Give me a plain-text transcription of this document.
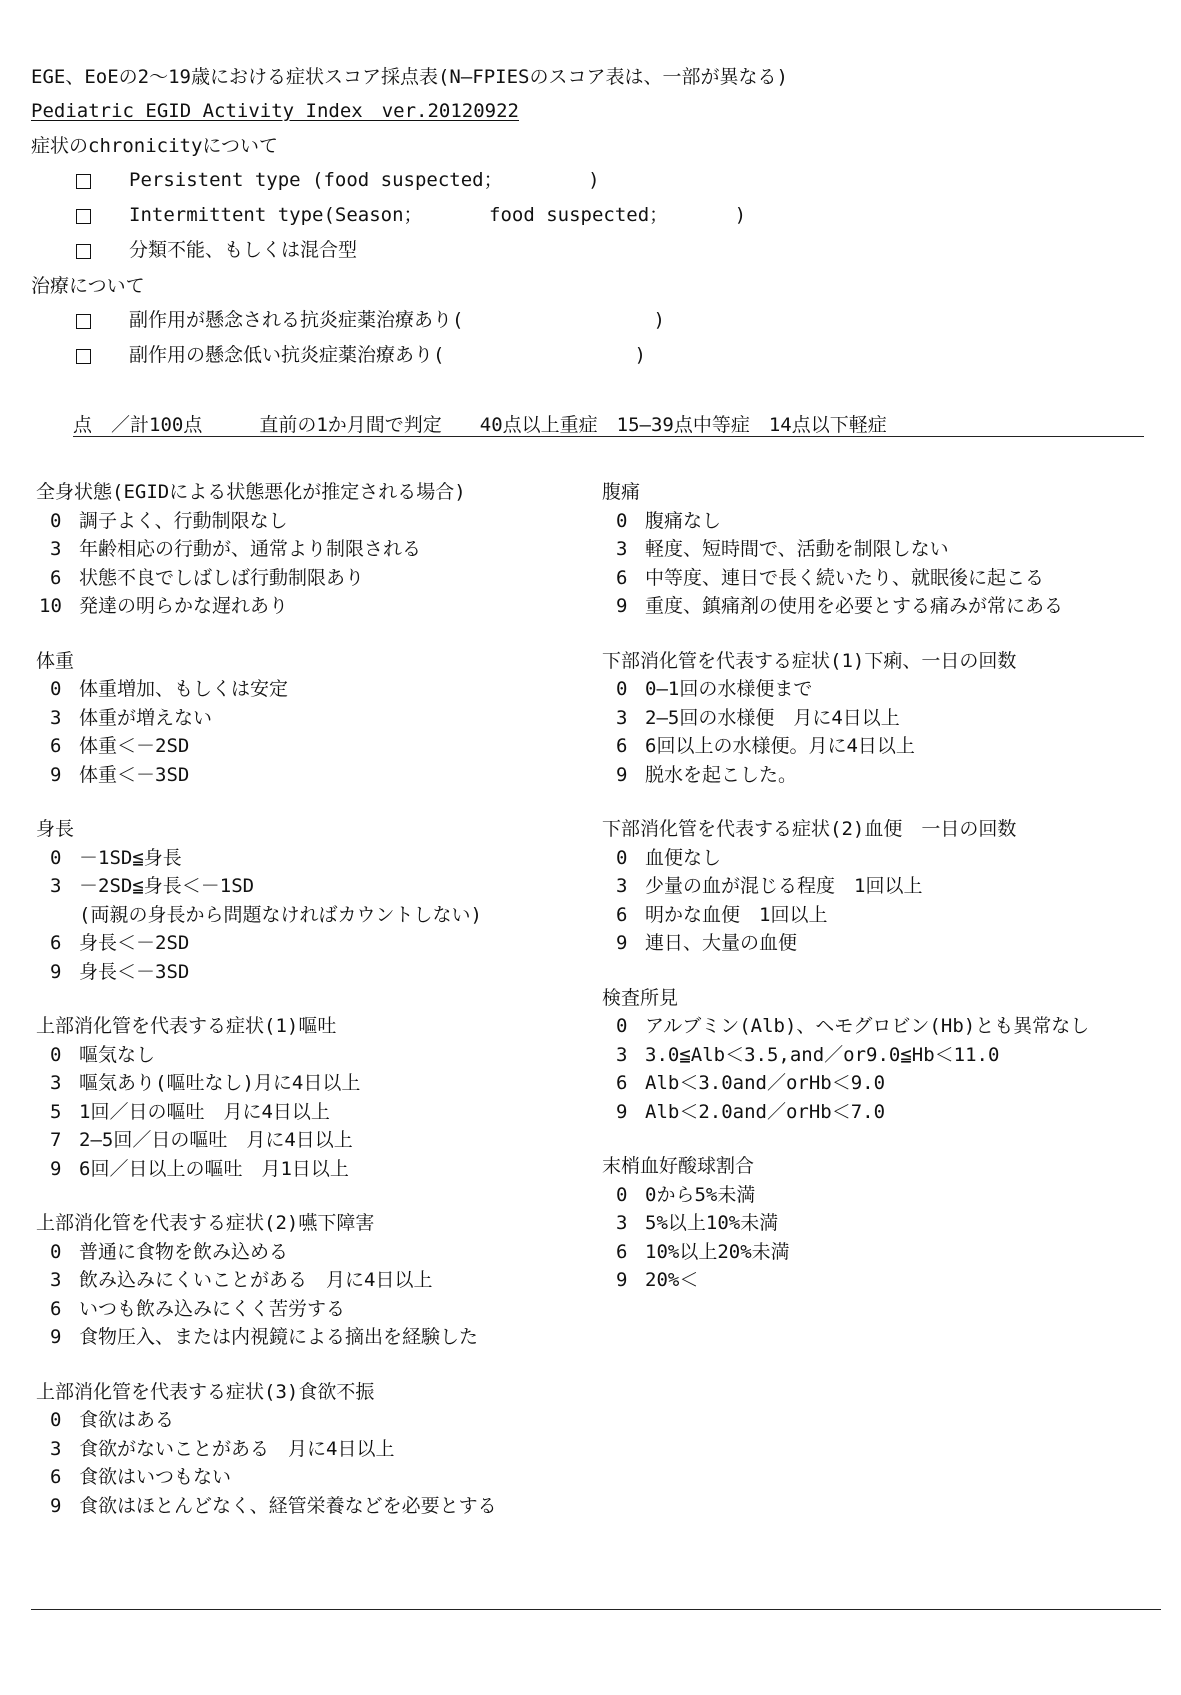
EGE、EoEの2～19歳における症状スコア採点表(N—FPIESのスコア表は、一部が異なる)
Pediatric EGID Activity Index　ver.20120922
症状のchronicityについて
Persistent type (food suspected；　　　　　)
Intermittent type(Season；　　　　food suspected；　　　　)
分類不能、もしくは混合型
治療について
副作用が懸念される抗炎症薬治療あり(　　　　　　　　　　)
副作用の懸念低い抗炎症薬治療あり(　　　　　　　　　　)
点　／計100点　　　直前の1か月間で判定　　40点以上重症　15—39点中等症　14点以下軽症
全身状態(EGIDによる状態悪化が推定される場合)
0 調子よく、行動制限なし
3 年齢相応の行動が、通常より制限される
6 状態不良でしばしば行動制限あり
10 発達の明らかな遅れあり
体重
0 体重増加、もしくは安定
3 体重が増えない
6 体重＜－2SD
9 体重＜－3SD
身長
0 －1SD≦身長
3 －2SD≦身長＜－1SD
(両親の身長から問題なければカウントしない)
6 身長＜－2SD
9 身長＜－3SD
上部消化管を代表する症状(1)嘔吐
0 嘔気なし
3 嘔気あり(嘔吐なし)月に4日以上
5 1回／日の嘔吐　月に4日以上
7 2—5回／日の嘔吐　月に4日以上
9 6回／日以上の嘔吐　月1日以上
上部消化管を代表する症状(2)嚥下障害
0 普通に食物を飲み込める
3 飲み込みにくいことがある　月に4日以上
6 いつも飲み込みにくく苦労する
9 食物圧入、または内視鏡による摘出を経験した
上部消化管を代表する症状(3)食欲不振
0 食欲はある
3 食欲がないことがある　月に4日以上
6 食欲はいつもない
9 食欲はほとんどなく、経管栄養などを必要とする
腹痛
0 腹痛なし
3 軽度、短時間で、活動を制限しない
6 中等度、連日で長く続いたり、就眠後に起こる
9 重度、鎮痛剤の使用を必要とする痛みが常にある
下部消化管を代表する症状(1)下痢、一日の回数
0 0—1回の水様便まで
3 2—5回の水様便　月に4日以上
6 6回以上の水様便。月に4日以上
9 脱水を起こした。
下部消化管を代表する症状(2)血便　一日の回数
0 血便なし
3 少量の血が混じる程度　1回以上
6 明かな血便　1回以上
9 連日、大量の血便
検査所見
0 アルブミン(Alb)、ヘモグロビン(Hb)とも異常なし
3 3.0≦Alb＜3.5,and／or9.0≦Hb＜11.0
6 Alb＜3.0and／orHb＜9.0
9 Alb＜2.0and／orHb＜7.0
末梢血好酸球割合
0 0から5%未満
3 5%以上10%未満
6 10%以上20%未満
9 20%＜
